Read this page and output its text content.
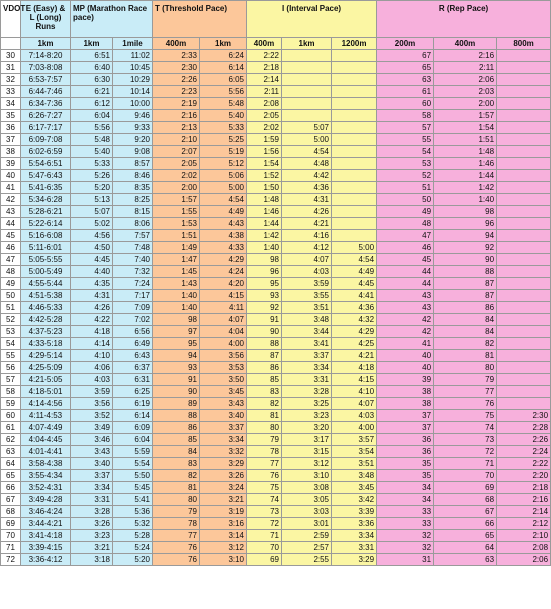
VDOT	E (Easy) & L (Long) Runs	MP (Marathon Race pace)		T (Threshold Pace)		I (Interval Pace)			R (Rep Pace)		
	1km	1km	1mile	400m	1km	400m	1km	1200m	200m	400m	800m
30	7:14-8:20	6:51	11:02	2:33	6:24	2:22			67	2:16	
31	7:03-8:08	6:40	10:45	2:30	6:14	2:18			65	2:11	
32	6:53-7:57	6:30	10:29	2:26	6:05	2:14			63	2:06	
33	6:44-7:46	6:21	10:14	2:23	5:56	2:11			61	2:03	
34	6:34-7:36	6:12	10:00	2:19	5:48	2:08			60	2:00	
35	6:26-7:27	6:04	9:46	2:16	5:40	2:05			58	1:57	
36	6:17-7:17	5:56	9:33	2:13	5:33	2:02	5:07		57	1:54	
37	6:09-7:08	5:48	9:20	2:10	5:25	1:59	5:00		55	1:51	
38	6:02-6:59	5:40	9:08	2:07	5:19	1:56	4:54		54	1:48	
39	5:54-6:51	5:33	8:57	2:05	5:12	1:54	4:48		53	1:46	
40	5:47-6:43	5:26	8:46	2:02	5:06	1:52	4:42		52	1:44	
41	5:41-6:35	5:20	8:35	2:00	5:00	1:50	4:36		51	1:42	
42	5:34-6:28	5:13	8:25	1:57	4:54	1:48	4:31		50	1:40	
43	5:28-6:21	5:07	8:15	1:55	4:49	1:46	4:26		49	98	
44	5:22-6:14	5:02	8:06	1:53	4:43	1:44	4:21		48	96	
45	5:16-6:08	4:56	7:57	1:51	4:38	1:42	4:16		47	94	
46	5:11-6:01	4:50	7:48	1:49	4:33	1:40	4:12	5:00	46	92	
47	5:05-5:55	4:45	7:40	1:47	4:29	98	4:07	4:54	45	90	
48	5:00-5:49	4:40	7:32	1:45	4:24	96	4:03	4:49	44	88	
49	4:55-5:44	4:35	7:24	1:43	4:20	95	3:59	4:45	44	87	
50	4:51-5:38	4:31	7:17	1:40	4:15	93	3:55	4:41	43	87	
51	4:46-5:33	4:26	7:09	1:40	4:11	92	3:51	4:36	43	86	
52	4:42-5:28	4:22	7:02	98	4:07	91	3:48	4:32	42	84	
53	4:37-5:23	4:18	6:56	97	4:04	90	3:44	4:29	42	84	
54	4:33-5:18	4:14	6:49	95	4:00	88	3:41	4:25	41	82	
55	4:29-5:14	4:10	6:43	94	3:56	87	3:37	4:21	40	81	
56	4:25-5:09	4:06	6:37	93	3:53	86	3:34	4:18	40	80	
57	4:21-5:05	4:03	6:31	91	3:50	85	3:31	4:15	39	79	
58	4:18-5:01	3:59	6:25	90	3:45	83	3:28	4:10	38	77	
59	4:14-4:56	3:56	6:19	89	3:43	82	3:25	4:07	38	76	
60	4:11-4:53	3:52	6:14	88	3:40	81	3:23	4:03	37	75	2:30
61	4:07-4:49	3:49	6:09	86	3:37	80	3:20	4:00	37	74	2:28
62	4:04-4:45	3:46	6:04	85	3:34	79	3:17	3:57	36	73	2:26
63	4:01-4:41	3:43	5:59	84	3:32	78	3:15	3:54	36	72	2:24
64	3:58-4:38	3:40	5:54	83	3:29	77	3:12	3:51	35	71	2:22
65	3:55-4:34	3:37	5:50	82	3:26	76	3:10	3:48	35	70	2:20
66	3:52-4:31	3:34	5:45	81	3:24	75	3:08	3:45	34	69	2:18
67	3:49-4:28	3:31	5:41	80	3:21	74	3:05	3:42	34	68	2:16
68	3:46-4:24	3:28	5:36	79	3:19	73	3:03	3:39	33	67	2:14
69	3:44-4:21	3:26	5:32	78	3:16	72	3:01	3:36	33	66	2:12
70	3:41-4:18	3:23	5:28	77	3:14	71	2:59	3:34	32	65	2:10
71	3:39-4:15	3:21	5:24	76	3:12	70	2:57	3:31	32	64	2:08
72	3:36-4:12	3:18	5:20	76	3:10	69	2:55	3:29	31	63	2:06
